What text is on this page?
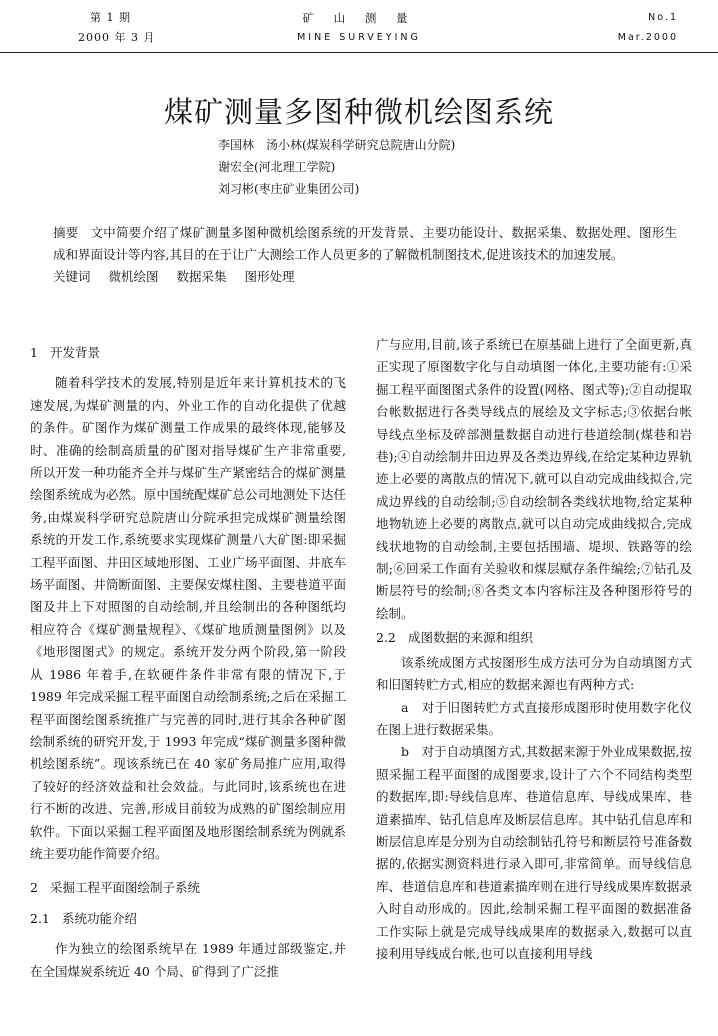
第 1 期
2000 年 3 月
矿 山 测 量
MINE SURVEYING
No.1
Mar.2000
煤矿测量多图种微机绘图系统
李国林　汤小林(煤炭科学研究总院唐山分院)
谢宏全(河北理工学院)
刘习彬(枣庄矿业集团公司)

摘要 文中简要介绍了煤矿测量多图种微机绘图系统的开发背景、主要功能设计、数据采集、数据处理、图形生成和界面设计等内容,其目的在于让广大测绘工作人员更多的了解微机制图技术,促进该技术的加速发展。

关键词 微机绘图 数据采集 图形处理

1 开发背景

随着科学技术的发展,特别是近年来计算机技术的飞速发展,为煤矿测量的内、外业工作的自动化提供了优越的条件。矿图作为煤矿测量工作成果的最终体现,能够及时、准确的绘制高质量的矿图对指导煤矿生产非常重要,所以开发一种功能齐全并与煤矿生产紧密结合的煤矿测量绘图系统成为必然。原中国统配煤矿总公司地测处下达任务,由煤炭科学研究总院唐山分院承担完成煤矿测量绘图系统的开发工作,系统要求实现煤矿测量八大矿图:即采掘工程平面图、井田区域地形图、工业广场平面图、井底车场平面图、井筒断面图、主要保安煤柱图、主要巷道平面图及井上下对照图的自动绘制,并且绘制出的各种图纸均相应符合《煤矿测量规程》、《煤矿地质测量图例》以及《地形图图式》的规定。系统开发分两个阶段,第一阶段从 1986 年着手,在软硬件条件非常有限的情况下,于 1989 年完成采掘工程平面图自动绘制系统;之后在采掘工程平面图绘图系统推广与完善的同时,进行其余各种矿图绘制系统的研究开发,于 1993 年完成“煤矿测量多图种微机绘图系统”。现该系统已在 40 家矿务局推广应用,取得了较好的经济效益和社会效益。与此同时,该系统也在进行不断的改进、完善,形成目前较为成熟的矿图绘制应用软件。下面以采掘工程平面图及地形图绘制系统为例就系统主要功能作简要介绍。

2 采掘工程平面图绘制子系统
2.1 系统功能介绍

作为独立的绘图系统早在 1989 年通过部级鉴定,并在全国煤炭系统近 40 个局、矿得到了广泛推

广与应用,目前,该子系统已在原基础上进行了全面更新,真正实现了原图数字化与自动填图一体化,主要功能有:①采掘工程平面图图式条件的设置(网格、图式等);②自动提取台帐数据进行各类导线点的展绘及文字标志;③依据台帐导线点坐标及碎部测量数据自动进行巷道绘制(煤巷和岩巷);④自动绘制井田边界及各类边界线,在给定某种边界轨迹上必要的离散点的情况下,就可以自动完成曲线拟合,完成边界线的自动绘制;⑤自动绘制各类线状地物,给定某种地物轨迹上必要的离散点,就可以自动完成曲线拟合,完成线状地物的自动绘制,主要包括围墙、堤坝、铁路等的绘制;⑥回采工作面有关验收和煤层赋存条件编绘;⑦钻孔及断层符号的绘制;⑧各类文本内容标注及各种图形符号的绘制。

2.2 成图数据的来源和组织

该系统成图方式按图形生成方法可分为自动填图方式和旧图转贮方式,相应的数据来源也有两种方式:

a　 对于旧图转贮方式直接形成图形时使用数字化仪在图上进行数据采集。

b　 对于自动填图方式,其数据来源于外业成果数据,按照采掘工程平面图的成图要求,设计了六个不同结构类型的数据库,即:导线信息库、巷道信息库、导线成果库、巷道素描库、钻孔信息库及断层信息库。其中钻孔信息库和断层信息库是分别为自动绘制钻孔符号和断层符号准备数据的,依据实测资料进行录入即可,非常简单。而导线信息库、巷道信息库和巷道素描库则在进行导线成果库数据录入时自动形成的。因此,绘制采掘工程平面图的数据准备工作实际上就是完成导线成果库的数据录入,数据可以直接利用导线成台帐,也可以直接利用导线
